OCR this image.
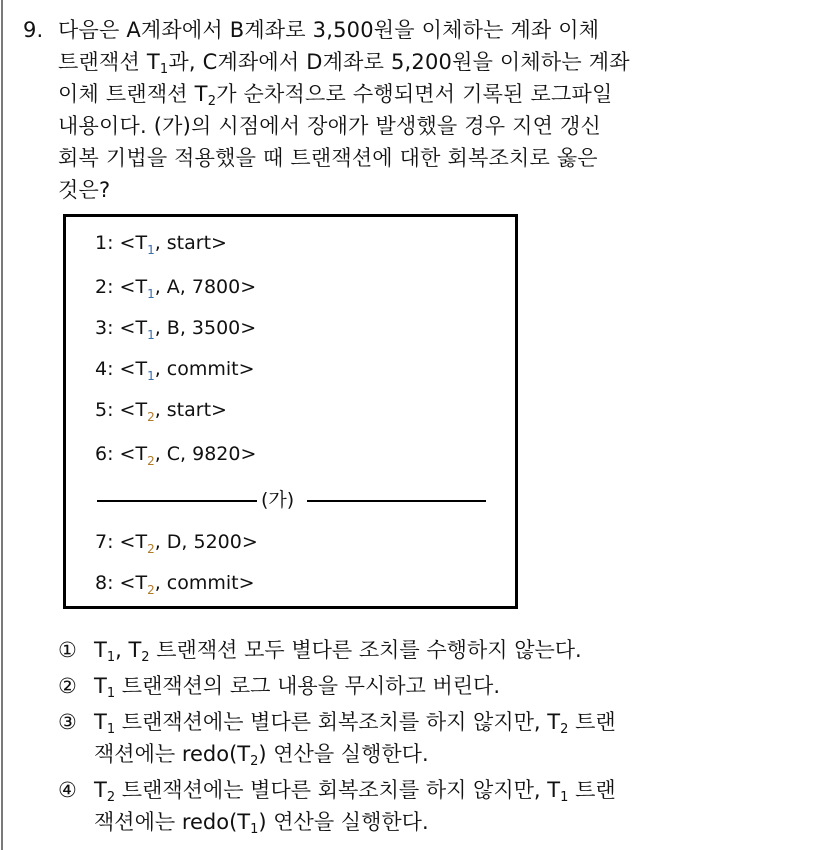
9. 다음은 A계좌에서 B계좌로 3,500원을 이체하는 계좌 이체
트랜잭션 $T_1$과, C계좌에서 D계좌로 5,200원을 이체하는 계좌
이체 트랜잭션 $T_2$가 순차적으로 수행되면서 기록된 로그파일
내용이다. (가)의 시점에서 장애가 발생했을 경우 지연 갱신
회복 기법을 적용했을 때 트랜잭션에 대한 회복조치로 옳은
것은?
1: $<T_1$, start>
2: $<T_1$, A, 7800>
3: $<T_1$, B, 3500>
4: $<T_1$, commit>
5: $<T_2$, start>
6: $<T_2$, C, 9820>
(가)
7: $<T_2$, D, 5200>
8: $<T_2$, commit>
① $T_1$, $T_2$ 트랜잭션 모두 별다른 조치를 수행하지 않는다.
② $T_1$ 트랜잭션의 로그 내용을 무시하고 버린다.
③ $T_1$ 트랜잭션에는 별다른 회복조치를 하지 않지만, $T_2$ 트랜
잭션에는 $redo(T_2)$ 연산을 실행한다.
④ $T_2$ 트랜잭션에는 별다른 회복조치를 하지 않지만, $T_1$ 트랜
잭션에는 $redo(T_1)$ 연산을 실행한다.
